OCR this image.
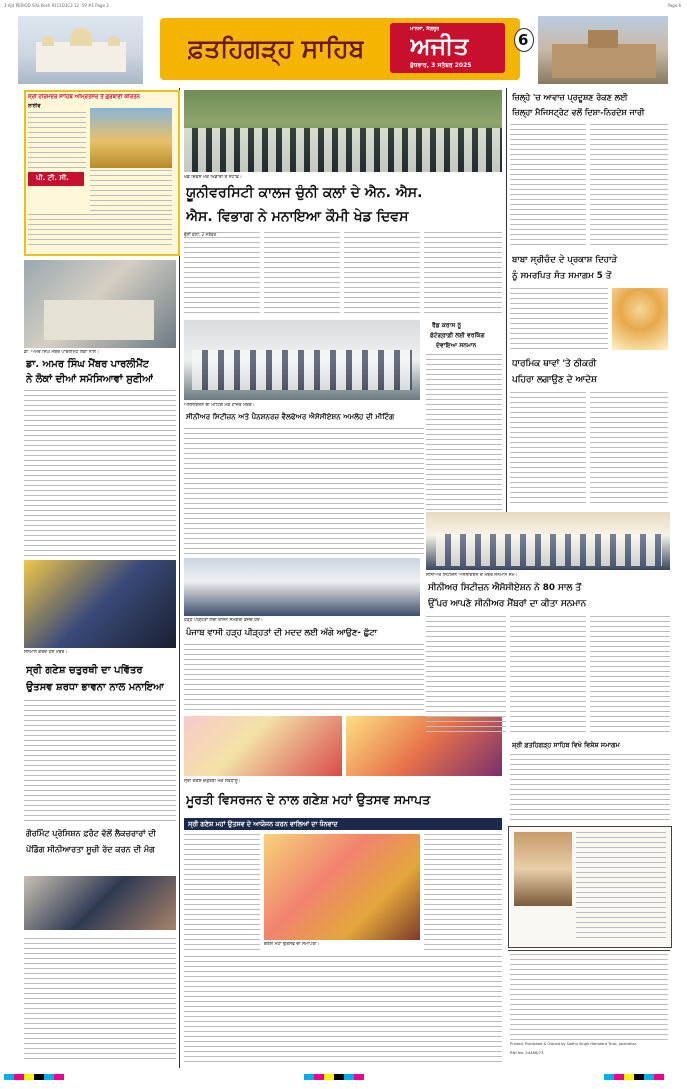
3 Ajit PERIOD Sifa Kesh 9111D1C3 12 :59 #1 Page 3	Page 6
ਫ਼ਤਹਿਗੜ੍ਹ ਸਾਹਿਬ
ਮਾਨਸਾ, ਸੰਗਰੂਰ
ਅਜੀਤ
ਬੁੱਧਵਾਰ, 3 ਸਤੰਬਰ 2025
6
ਸ੍ਰੀ ਹਰਿਮੰਦਰ ਸਾਹਿਬ ਅੰਮ੍ਰਿਤਸਰ ਤੋਂ ਗੁਰਬਾਣੀ ਕੀਰਤਨ
ਲਾਈਵ
ਪੀ. ਟੀ. ਸੀ.
ਡਾ. ਅਮਰ ਸਿੰਘ ਮੈਂਬਰ ਪਾਰਲੀਮੈਂਟ ਲੋਕਾਂ ਨਾਲ।
ਡਾ. ਅਮਰ ਸਿੰਘ ਮੈਂਬਰ ਪਾਰਲੀਮੈਂਟ
ਨੇ ਲੋਕਾਂ ਦੀਆਂ ਸਮੱਸਿਆਵਾਂ ਸੁਣੀਆਂ
ਸਨਮਾਨ ਕਰਦੇ ਹੋਏ ਮੈਂਬਰ।
ਸ੍ਰੀ ਗਣੇਸ਼ ਚਤੁਰਥੀ ਦਾ ਪਵਿੱਤਰ
ਉਤਸਵ ਸ਼ਰਧਾ ਭਾਵਨਾ ਨਾਲ ਮਨਾਇਆ
ਗੌਰਮਿੰਟ ਪ੍ਰੋਸਿਸ਼ਨ ਫ਼ਰੰਟ ਵੱਲੋਂ ਲੈਕਚਰਾਰਾਂ ਦੀ
ਪੇਂਡਿੰਗ ਸੀਨੀਆਰਤਾ ਸੂਚੀ ਰੱਦ ਕਰਨ ਦੀ ਮੰਗ
ਖੇਡ ਦਿਵਸ ਮੌਕੇ ਖਿਡਾਰੀ ਤੇ ਸਟਾਫ਼।
ਯੂਨੀਵਰਸਿਟੀ ਕਾਲਜ ਚੁੰਨੀ ਕਲਾਂ ਦੇ ਐਨ. ਐਸ.
ਐਸ. ਵਿਭਾਗ ਨੇ ਮਨਾਇਆ ਕੌਮੀ ਖੇਡ ਦਿਵਸ
ਚੁੰਨੀ ਕਲਾਂ, 2 ਸਤੰਬਰ
ਐਸੋਸੀਏਸ਼ਨ ਦੀ ਮੀਟਿੰਗ ਮੌਕੇ ਹਾਜ਼ਰ ਮੈਂਬਰ।
ਸੀਨੀਅਰ ਸਿਟੀਜ਼ਨ ਅਤੇ ਪੈਨਸ਼ਨਰਜ਼ ਵੈਲਫੇਅਰ ਐਸੋਸੀਏਸ਼ਨ ਅਮਲੋਹ ਦੀ ਮੀਟਿੰਗ
ਰੈੱਡ ਕਰਾਸ ਨੂੰ
ਫ਼ੋਟੋਗ੍ਰਾਫ਼ੀ ਲਈ ਵਰਕਿੰਗ
ਦੋਵਾਇਆ ਸਨਮਾਨ
ਹੜ੍ਹ ਪੀੜ੍ਹਤਾਂ ਲਈ ਰਾਸ਼ਨ ਸਮੱਗਰੀ ਭੇਜਦੇ ਹੋਏ।
ਪੰਜਾਬ ਵਾਸੀ ਹੜ੍ਹ ਪੀੜ੍ਹਤਾਂ ਦੀ ਮਦਦ ਲਈ ਅੱਗੇ ਆਉਣ- ਛੁੱਟਾ
ਸ੍ਰੀ ਗਣੇਸ਼ ਚਤੁਰਥੀ ਮੌਕੇ ਸ਼ਰਧਾਲੂ।
ਮੂਰਤੀ ਵਿਸਰਜਨ ਦੇ ਨਾਲ ਗਣੇਸ਼ ਮਹਾਂ ਉਤਸਵ ਸਮਾਪਤ
ਜ਼ਿਲ੍ਹੇ 'ਚ ਆਵਾਜ਼ ਪ੍ਰਦੂਸ਼ਣ ਰੋਕਣ ਲਈ
ਜ਼ਿਲ੍ਹਾ ਮੈਜਿਸਟ੍ਰੇਟ ਵਲੋਂ ਦਿਸ਼ਾ-ਨਿਰਦੇਸ਼ ਜਾਰੀ
ਬਾਬਾ ਸ੍ਰੀਚੰਦ ਦੇ ਪ੍ਰਕਾਸ਼ ਦਿਹਾੜੇ
ਨੂੰ ਸਮਰਪਿਤ ਸੰਤ ਸਮਾਗਮ 5 ਤੋਂ
ਧਾਰਮਿਕ ਥਾਵਾਂ 'ਤੇ ਠੀਕਰੀ
ਪਹਿਰਾ ਲਗਾਉਣ ਦੇ ਆਦੇਸ਼
ਸੀਨੀਅਰ ਸਿਟੀਜ਼ਨ ਐਸੋਸੀਏਸ਼ਨ ਦੇ ਮੈਂਬਰ ਸਨਮਾਨ ਸਮੇਂ।
ਸੀਨੀਅਰ ਸਿਟੀਜ਼ਨ ਐਸੋਸੀਏਸ਼ਨ ਨੇ 80 ਸਾਲ ਤੋਂ
ਉੱਪਰ ਆਪਣੇ ਸੀਨੀਅਰ ਮੈਂਬਰਾਂ ਦਾ ਕੀਤਾ ਸਨਮਾਨ
ਸ਼੍ਰੀ ਫ਼ਤਹਿਗੜ੍ਹ ਸਾਹਿਬ ਵਿਖੇ ਵਿਸ਼ੇਸ਼ ਸਮਾਗਮ
ਸ੍ਰੀ ਗਣੇਸ਼ ਮਹਾਂ ਉਤਸਵ ਦੇ ਆਯੋਜਨ ਕਰਨ ਵਾਲਿਆਂ ਦਾ ਧੰਨਵਾਦ
ਗਣੇਸ਼ ਮਹਾਂ ਉਤਸਵ ਦੀ ਸਮਾਪਤੀ।
Printed, Published & Owned by Sadhu Singh Hamdard Trust, Jalandhar.
RNI No. 24486/73
